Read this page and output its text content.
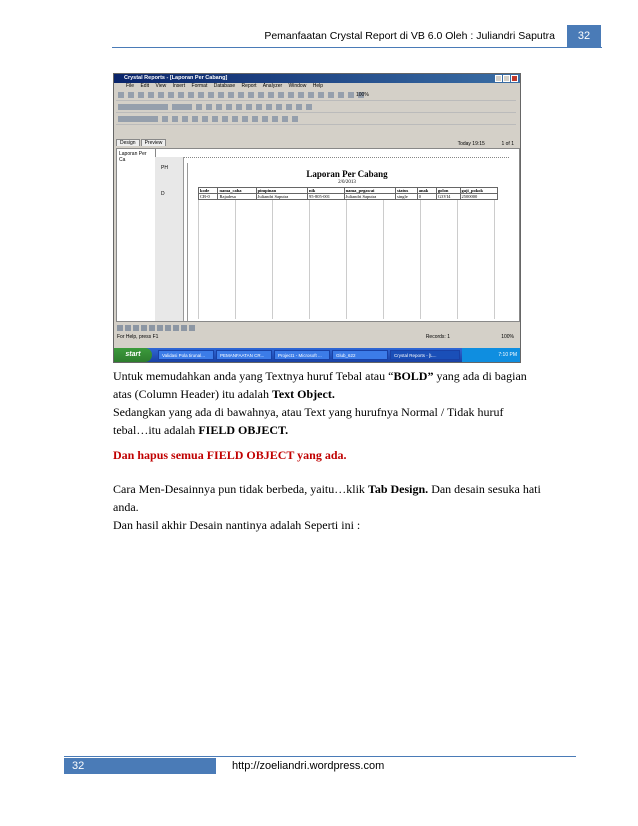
Pemanfaatan Crystal Report di VB 6.0 Oleh : Juliandri Saputra	32
Crystal Reports - [Laporan Per Cabang]
File Edit View Insert Format Database Report Analyzer Window Help
100%
Design Preview	Today 19:15	1 of 1
Laporan Per Ca
PH
D
Laporan Per Cabang
2/0/2013
kode	nama_caba	pimpinan	nik	nama_pegawai	status	anak	golon	gaji_pokok
CB-0	Rajadesa	Juliandri Saputra	95-805-001	Juliandri Saputra	single	0	G3VI4	2500000
For Help, press F1	Records: 1	100%
start	Validasi Pola tirunal...	PEMANFAATAN CR...	Project1 - Microsoft ...	Glub_622	Crystal Reports - [L...	7:10 PM
Untuk memudahkan anda yang Textnya huruf Tebal atau “BOLD” yang ada di bagian
atas (Column Header) itu adalah Text Object.
Sedangkan yang ada di bawahnya, atau Text yang hurufnya Normal / Tidak huruf
tebal…itu adalah FIELD OBJECT.
Dan hapus semua FIELD OBJECT yang ada.
Cara Men-Desainnya pun tidak berbeda, yaitu…klik Tab Design. Dan desain sesuka hati
anda.
Dan hasil akhir Desain nantinya adalah Seperti ini :
32	http://zoeliandri.wordpress.com
